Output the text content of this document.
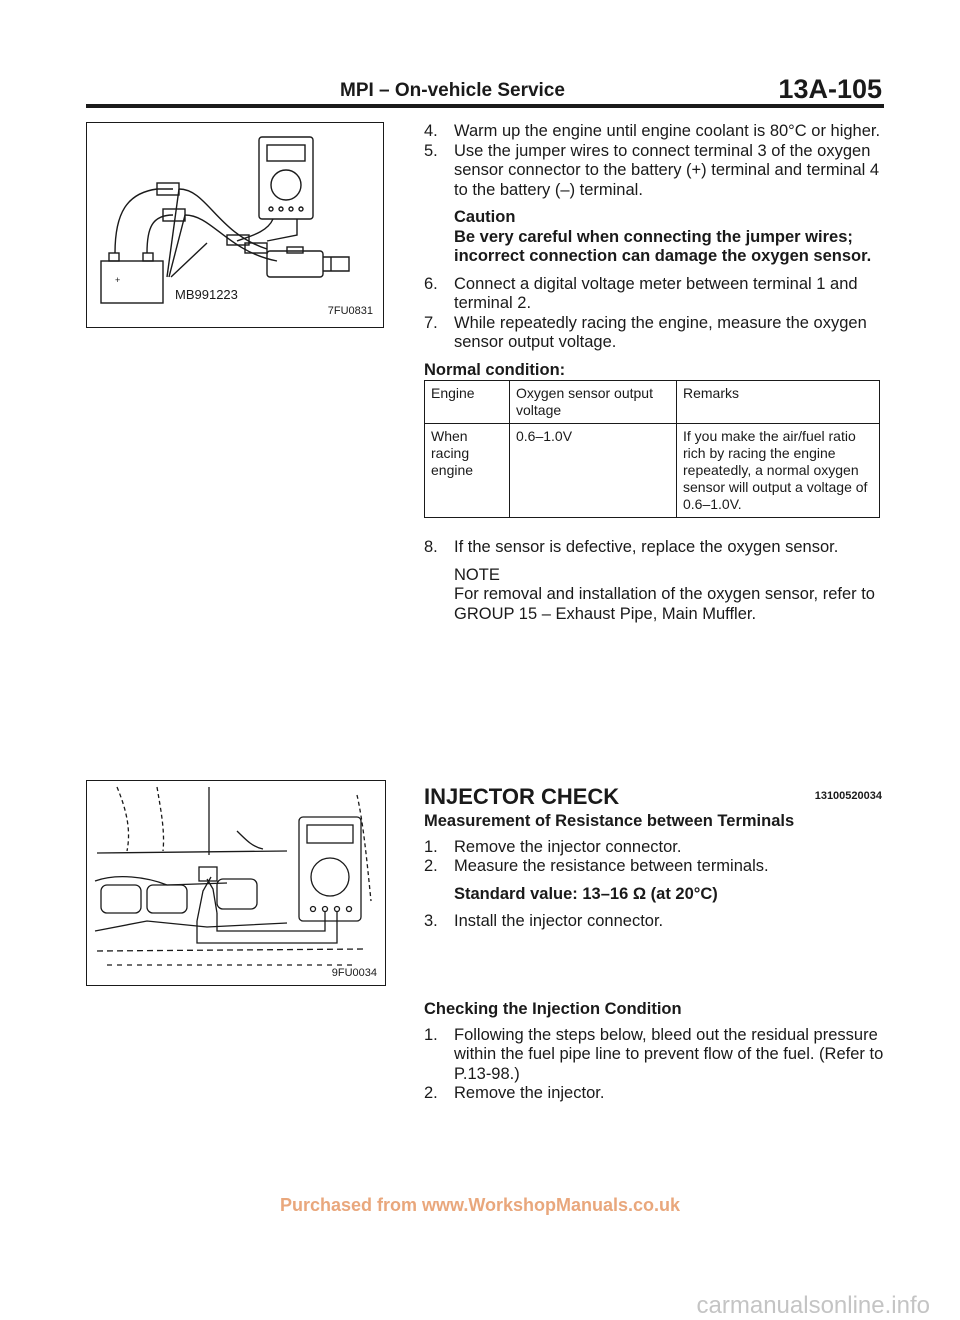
MPI – On-vehicle Service	13A-105
+
MB991223
7FU0831
4. Warm up the engine until engine coolant is 80°C or higher.
5. Use the jumper wires to connect terminal 3 of the oxygen sensor connector to the battery (+) terminal and terminal 4 to the battery (–) terminal.
Caution
Be very careful when connecting the jumper wires; incorrect connection can damage the oxygen sensor.
6. Connect a digital voltage meter between terminal 1 and terminal 2.
7. While repeatedly racing the engine, measure the oxygen sensor output voltage.
Normal condition:
Engine	Oxygen sensor output voltage	Remarks
When racing engine	0.6–1.0V	If you make the air/fuel ratio rich by racing the engine repeatedly, a normal oxygen sensor will output a voltage of 0.6–1.0V.
8. If the sensor is defective, replace the oxygen sensor.
NOTE
For removal and installation of the oxygen sensor, refer to GROUP 15 – Exhaust Pipe, Main Muffler.
9FU0034
INJECTOR CHECK	13100520034
Measurement of Resistance between Terminals
1. Remove the injector connector.
2. Measure the resistance between terminals.
Standard value: 13–16 Ω (at 20°C)
3. Install the injector connector.
Checking the Injection Condition
1. Following the steps below, bleed out the residual pressure within the fuel pipe line to prevent flow of the fuel. (Refer to P.13-98.)
2. Remove the injector.
Purchased from www.WorkshopManuals.co.uk
carmanualsonline.info
